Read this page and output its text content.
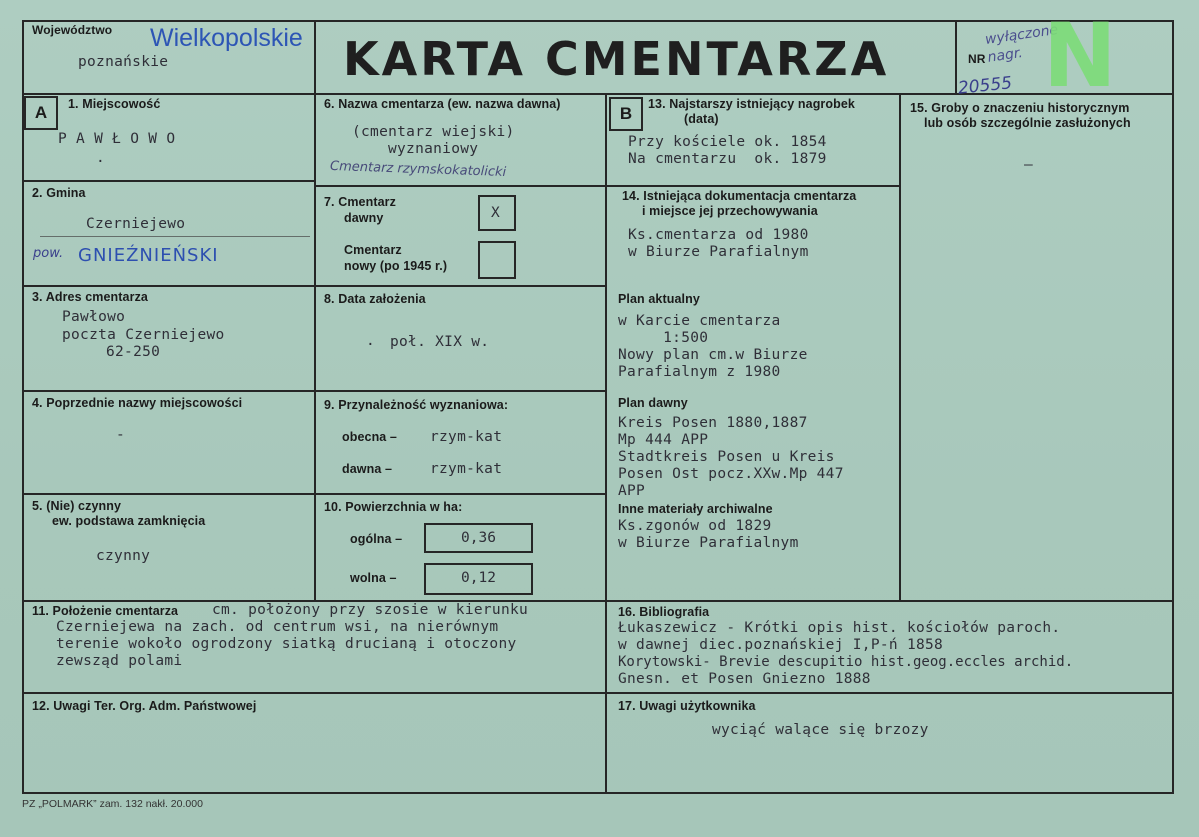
Województwo Wielkopolskie
poznańskie	KARTA CMENTARZA	NR
wyłączone nagr.
20555 N
A	1. Miejscowość
P A W Ł O W O
.
2. Gmina
Czerniejewo
pow. GNIEŹNIEŃSKI
3. Adres cmentarza
Pawłowo
poczta Czerniejewo
62-250
4. Poprzednie nazwy miejscowości
-
5. (Nie) czynny
ew. podstawa zamknięcia
czynny
6. Nazwa cmentarza (ew. nazwa dawna)
(cmentarz wiejski)
wyznaniowy
Cmentarz rzymskokatolicki
7. Cmentarz
dawny	X
Cmentarz
nowy (po 1945 r.)
8. Data założenia
. poł. XIX w.
9. Przynależność wyznaniowa:
obecna – rzym-kat
dawna –	rzym-kat
10. Powierzchnia w ha:
ogólna –	0,36
wolna –	0,12
B	13. Najstarszy istniejący nagrobek
(data)
Przy kościele ok. 1854
Na cmentarzu  ok. 1879
14. Istniejąca dokumentacja cmentarza
i miejsce jej przechowywania
Ks.cmentarza od 1980
w Biurze Parafialnym
Plan aktualny
w Karcie cmentarza
1:500
Nowy plan cm.w Biurze
Parafialnym z 1980
Plan dawny
Kreis Posen 1880,1887
Mp 444 APP
Stadtkreis Posen u Kreis
Posen Ost pocz.XXw.Mp 447
APP
Inne materiały archiwalne
Ks.zgonów od 1829
w Biurze Parafialnym
15. Groby o znaczeniu historycznym
lub osób szczególnie zasłużonych
–
11. Położenie cmentarza cm. położony przy szosie w kierunku
Czerniejewa na zach. od centrum wsi, na nierównym
terenie wokoło ogrodzony siatką drucianą i otoczony
zewsząd polami
16. Bibliografia
Łukaszewicz - Krótki opis hist. kościołów paroch.
w dawnej diec.poznańskiej I,P-ń 1858
Korytowski- Brevie descupitio hist.geog.eccles archid.
Gnesn. et Posen Gniezno 1888
12. Uwagi Ter. Org. Adm. Państwowej	17. Uwagi użytkownika
wyciąć walące się brzozy
PZ „POLMARK” zam. 132 nakł. 20.000
